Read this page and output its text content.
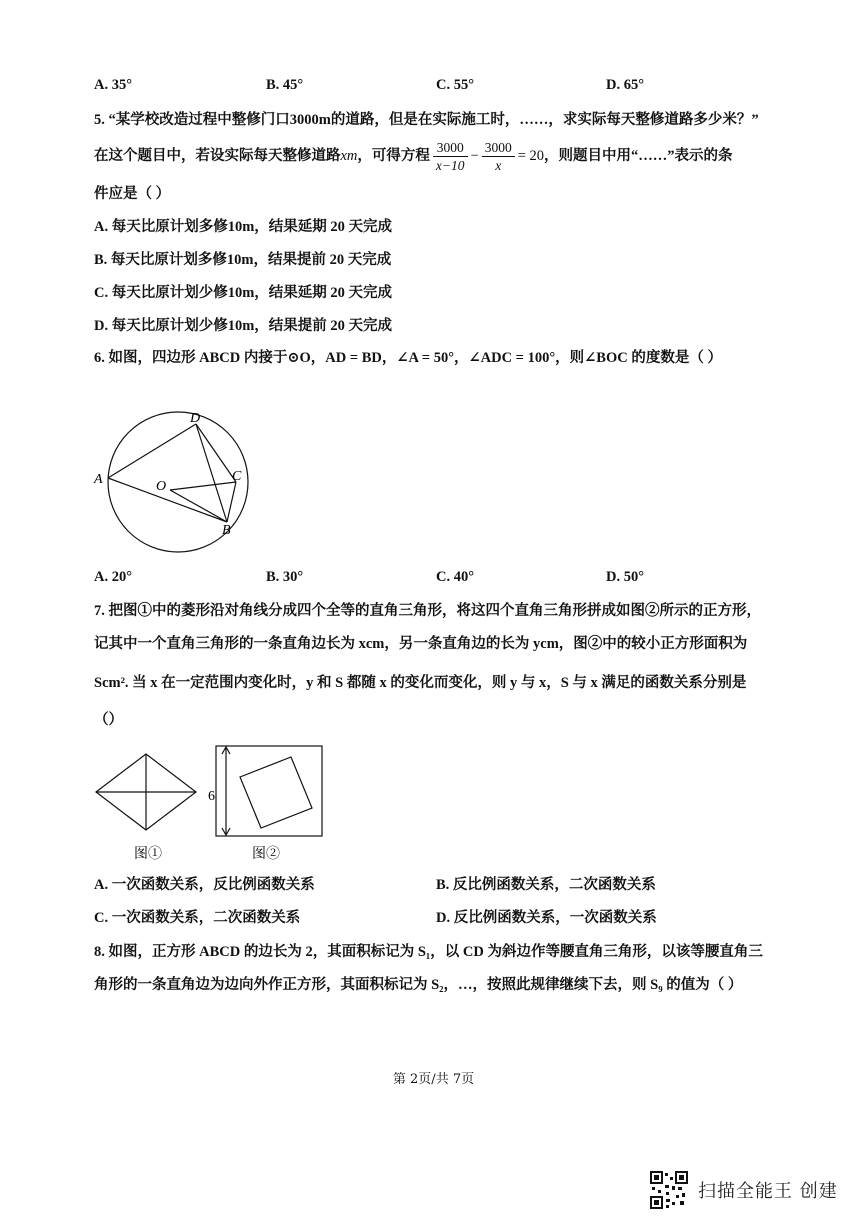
A. 35°	B. 45°	C. 55°	D. 65°
5. “某学校改造过程中整修门口3000m的道路，但是在实际施工时，……，求实际每天整修道路多少米？”
在这个题目中，若设实际每天整修道路xm，可得方程 $\frac{3000}{x-10} - \frac{3000}{x} = 20$，则题目中用“……”表示的条
件应是（ ）
A. 每天比原计划多修10m，结果延期 20 天完成
B. 每天比原计划多修10m，结果提前 20 天完成
C. 每天比原计划少修10m，结果延期 20 天完成
D. 每天比原计划少修10m，结果提前 20 天完成
6. 如图，四边形 ABCD 内接于⊙O，AD = BD，∠A = 50°，∠ADC = 100°，则∠BOC 的度数是（ ）
D
A	C
O
B
A. 20°	B. 30°	C. 40°	D. 50°
7. 把图①中的菱形沿对角线分成四个全等的直角三角形，将这四个直角三角形拼成如图②所示的正方形，
记其中一个直角三角形的一条直角边长为 xcm，另一条直角边的长为 ycm，图②中的较小正方形面积为
Scm². 当 x 在一定范围内变化时，y 和 S 都随 x 的变化而变化，则 y 与 x，S 与 x 满足的函数关系分别是
（）
图①
6
图②
A. 一次函数关系，反比例函数关系	B. 反比例函数关系，二次函数关系
C. 一次函数关系，二次函数关系	D. 反比例函数关系，一次函数关系
8. 如图，正方形 ABCD 的边长为 2，其面积标记为 S₁，以 CD 为斜边作等腰直角三角形，以该等腰直角三
角形的一条直角边为边向外作正方形，其面积标记为 S₂，…，按照此规律继续下去，则 S₉ 的值为（ ）
第 2页/共 7页
扫描全能王 创建
